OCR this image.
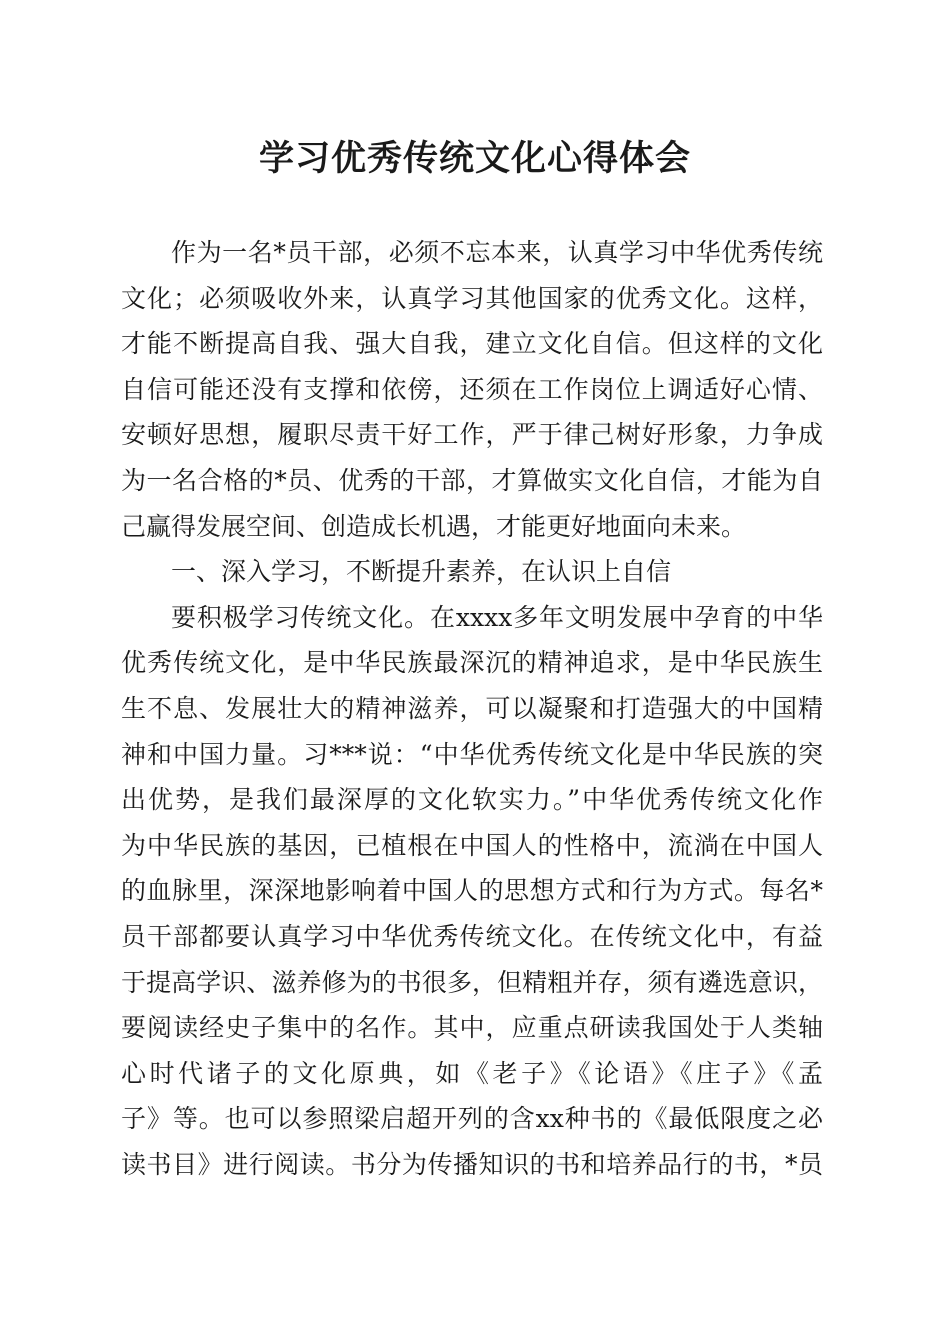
学习优秀传统文化心得体会
作为一名*员干部，必须不忘本来，认真学习中华优秀传统
文化；必须吸收外来，认真学习其他国家的优秀文化。这样，
才能不断提高自我、强大自我，建立文化自信。但这样的文化
自信可能还没有支撑和依傍，还须在工作岗位上调适好心情、
安顿好思想，履职尽责干好工作，严于律己树好形象，力争成
为一名合格的*员、优秀的干部，才算做实文化自信，才能为自
己赢得发展空间、创造成长机遇，才能更好地面向未来。
一、深入学习，不断提升素养，在认识上自信
要积极学习传统文化。在xxxx多年文明发展中孕育的中华
优秀传统文化，是中华民族最深沉的精神追求，是中华民族生
生不息、发展壮大的精神滋养，可以凝聚和打造强大的中国精
神和中国力量。习***说：“中华优秀传统文化是中华民族的突
出优势，是我们最深厚的文化软实力。”中华优秀传统文化作
为中华民族的基因，已植根在中国人的性格中，流淌在中国人
的血脉里，深深地影响着中国人的思想方式和行为方式。每名*
员干部都要认真学习中华优秀传统文化。在传统文化中，有益
于提高学识、滋养修为的书很多，但精粗并存，须有遴选意识，
要阅读经史子集中的名作。其中，应重点研读我国处于人类轴
心时代诸子的文化原典，如《老子》《论语》《庄子》《孟
子》等。也可以参照梁启超开列的含xx种书的《最低限度之必
读书目》进行阅读。书分为传播知识的书和培养品行的书，*员
